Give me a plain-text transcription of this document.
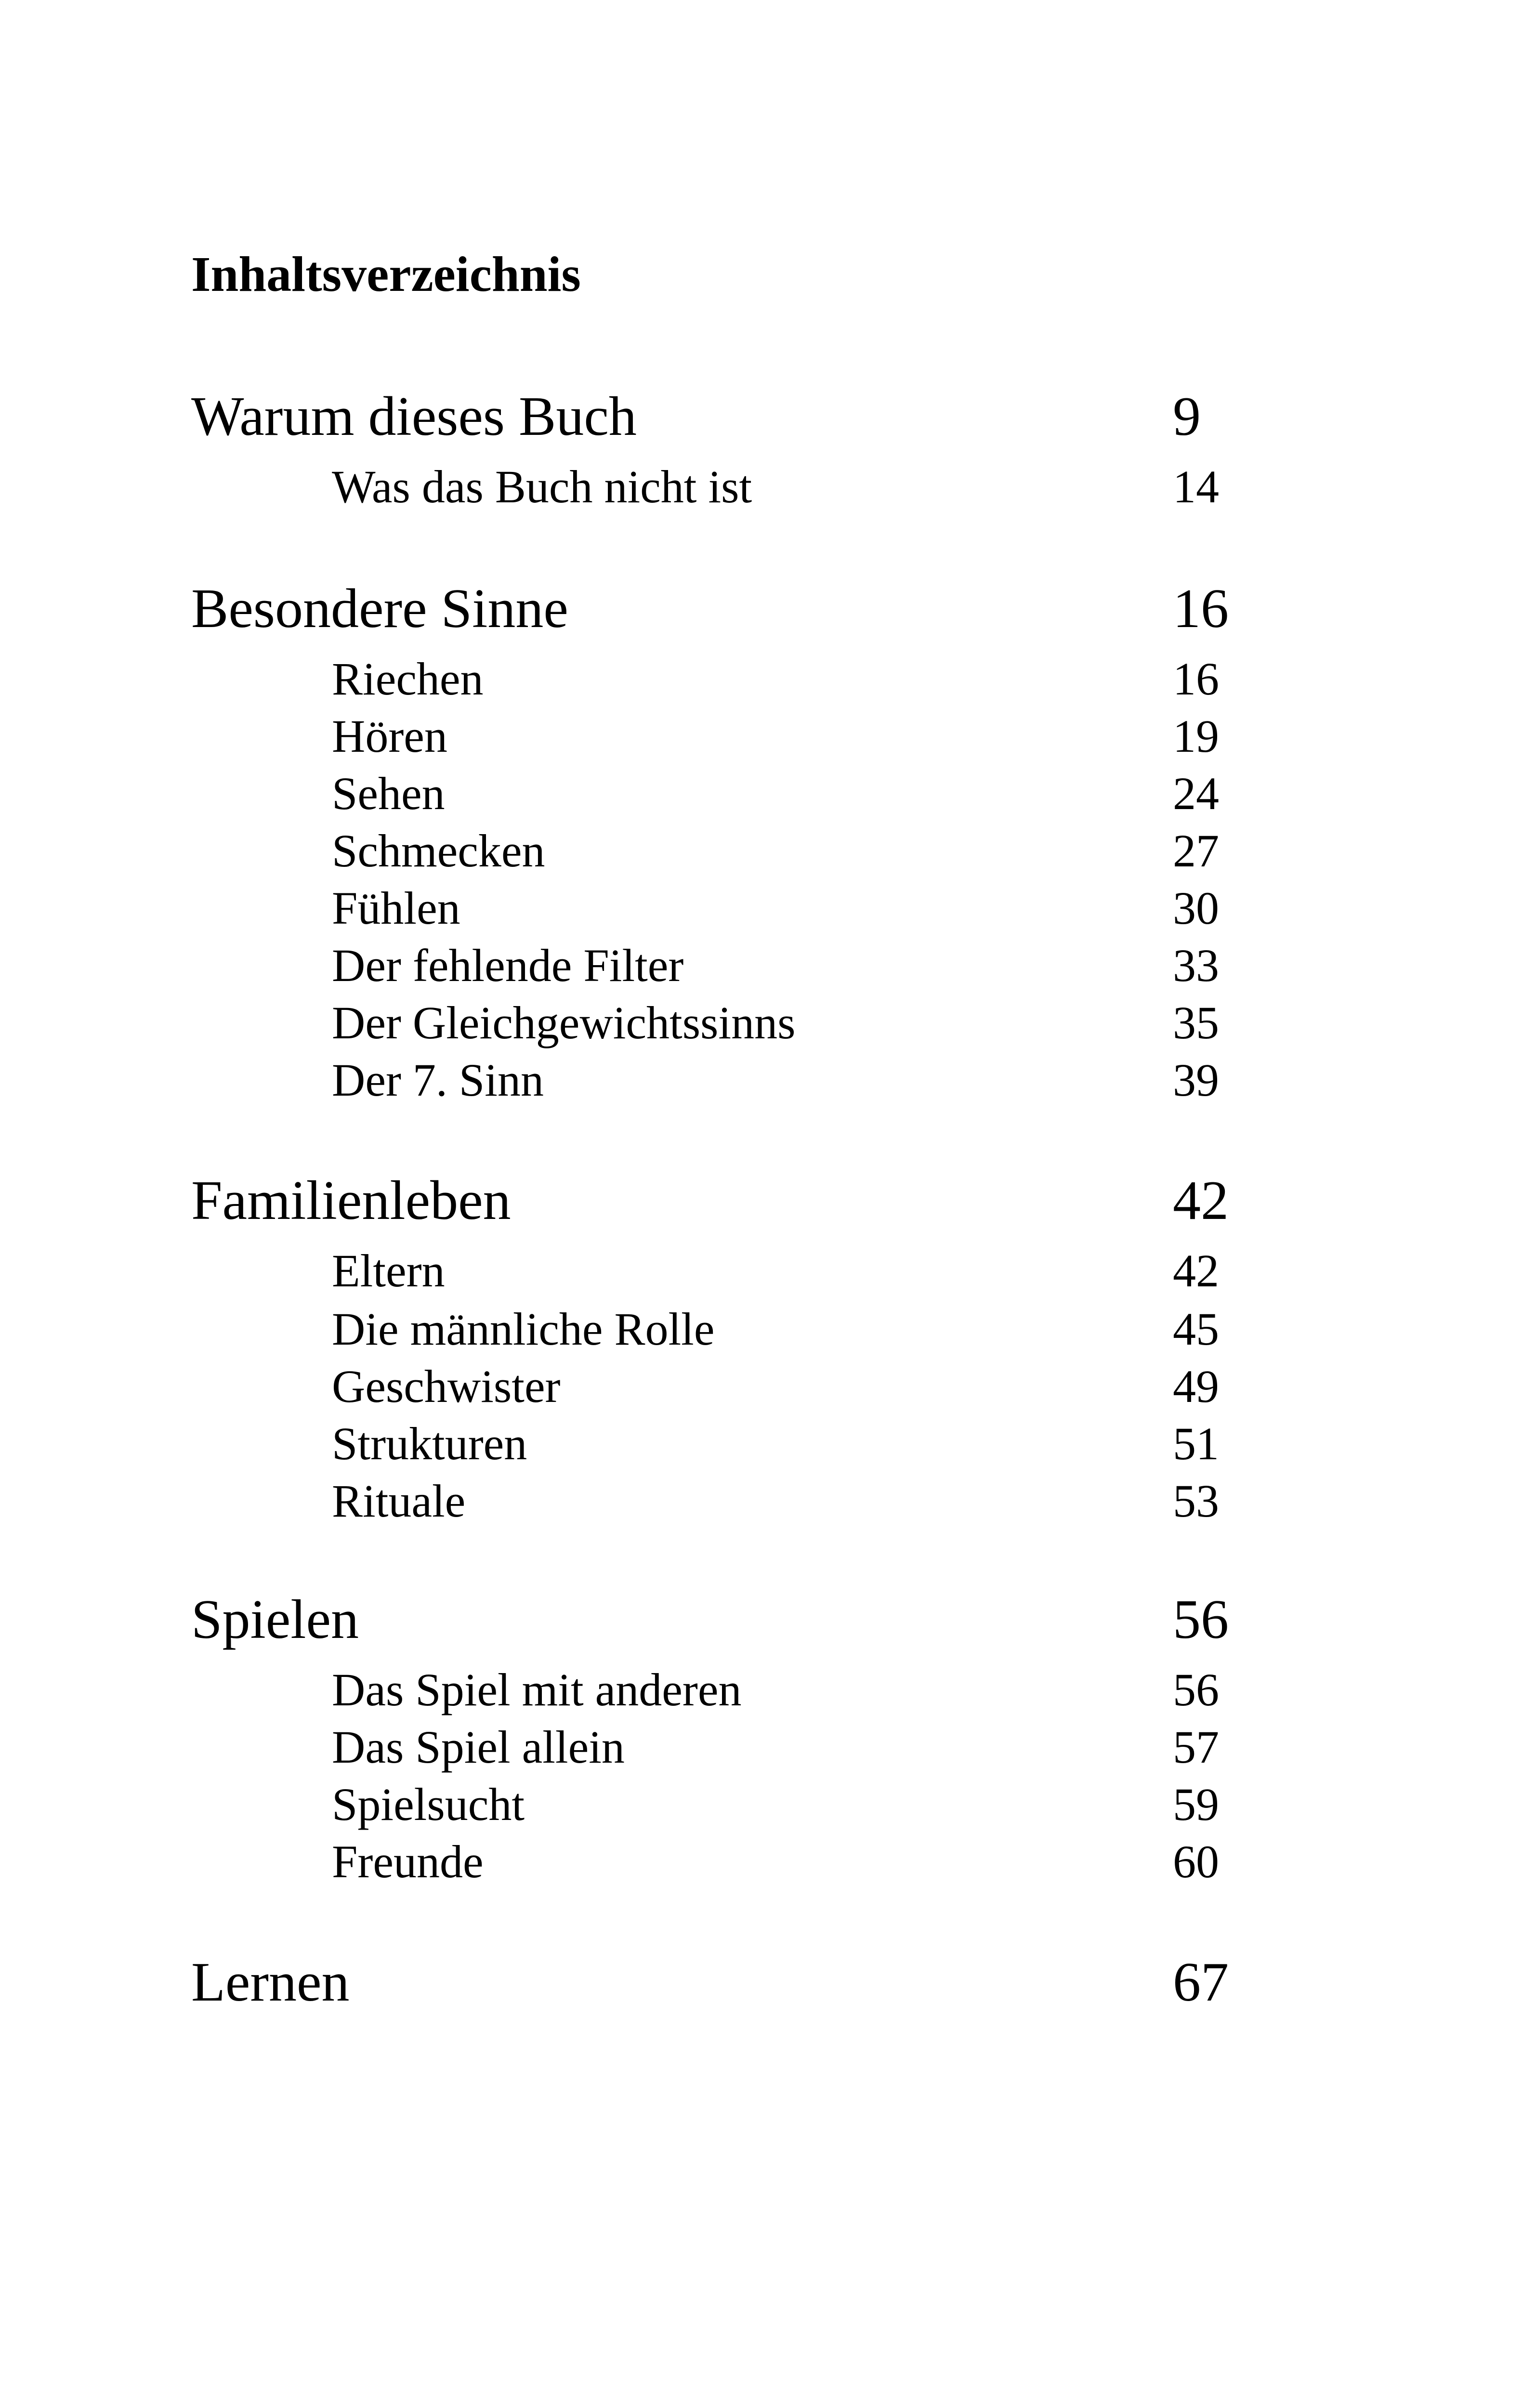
Inhaltsverzeichnis
Warum dieses Buch	9
Was das Buch nicht ist	14
Besondere Sinne	16
Riechen	16
Hören	19
Sehen	24
Schmecken	27
Fühlen	30
Der fehlende Filter	33
Der Gleichgewichtssinns	35
Der 7. Sinn	39
Familienleben	42
Eltern	42
Die männliche Rolle	45
Geschwister	49
Strukturen	51
Rituale	53
Spielen	56
Das Spiel mit anderen	56
Das Spiel allein	57
Spielsucht	59
Freunde	60
Lernen	67
